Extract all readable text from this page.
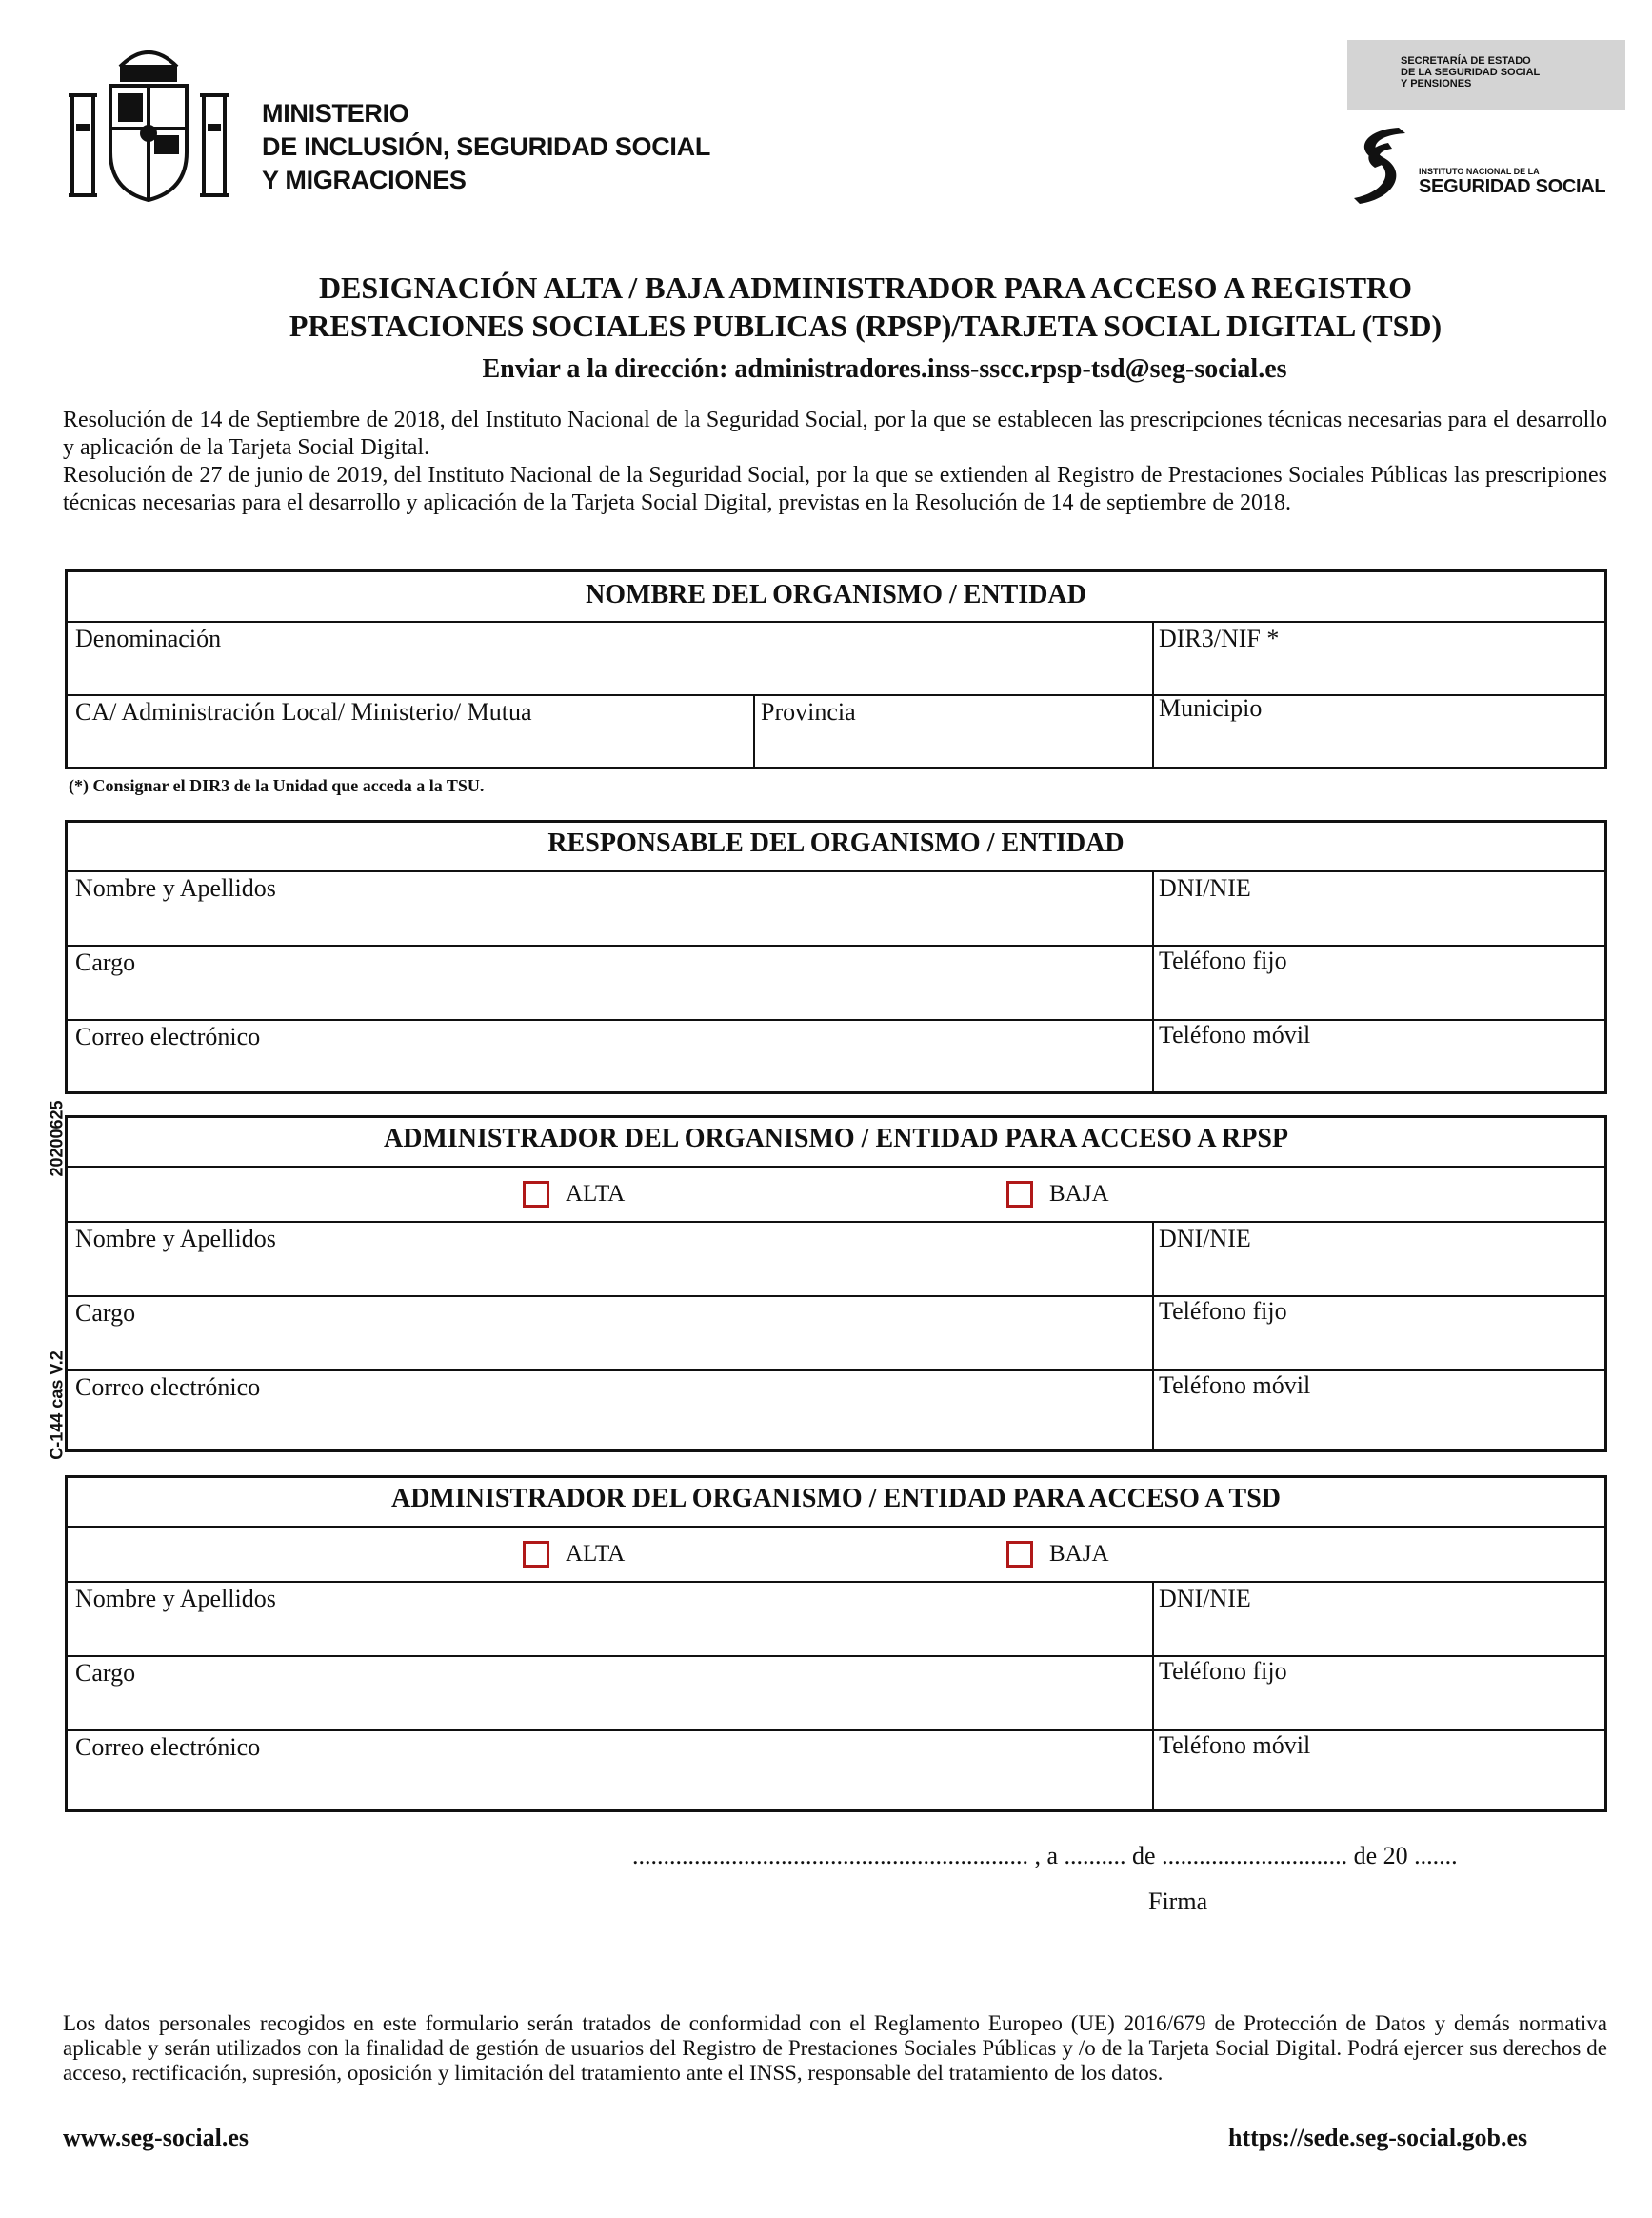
MINISTERIO
DE INCLUSIÓN, SEGURIDAD SOCIAL
Y MIGRACIONES
SECRETARÍA DE ESTADO
DE LA SEGURIDAD SOCIAL
Y PENSIONES
INSTITUTO NACIONAL DE LA
SEGURIDAD SOCIAL
DESIGNACIÓN ALTA / BAJA ADMINISTRADOR PARA ACCESO A REGISTRO
PRESTACIONES SOCIALES PUBLICAS (RPSP)/TARJETA SOCIAL DIGITAL (TSD)
Enviar a la dirección: administradores.inss-sscc.rpsp-tsd@seg-social.es

Resolución de 14 de Septiembre de 2018, del Instituto Nacional de la Seguridad Social, por la que se establecen las prescripciones técnicas necesarias para el desarrollo y aplicación de la Tarjeta Social Digital.

Resolución de 27 de junio de 2019, del Instituto Nacional de la Seguridad Social, por la que se extienden al Registro de Prestaciones Sociales Públicas las prescripiones técnicas necesarias para el desarrollo y aplicación de la Tarjeta Social Digital, previstas en la Resolución de 14 de septiembre de 2018.

NOMBRE DEL ORGANISMO / ENTIDAD
Denominación	DIR3/NIF *
CA/ Administración Local/ Ministerio/ Mutua	Provincia	Municipio
(*) Consignar el DIR3 de la Unidad que acceda a la TSU.
RESPONSABLE DEL ORGANISMO / ENTIDAD
Nombre y Apellidos	DNI/NIE
Cargo	Teléfono fijo
Correo electrónico	Teléfono móvil
ADMINISTRADOR DEL ORGANISMO / ENTIDAD PARA ACCESO A RPSP
ALTA	BAJA
Nombre y Apellidos	DNI/NIE
Cargo	Teléfono fijo
Correo electrónico	Teléfono móvil
ADMINISTRADOR DEL ORGANISMO / ENTIDAD PARA ACCESO A TSD
ALTA	BAJA
Nombre y Apellidos	DNI/NIE
Cargo	Teléfono fijo
Correo electrónico	Teléfono móvil
................................................................ , a .......... de .............................. de 20 .......
Firma
20200625
C-144 cas V.2
Los datos personales recogidos en este formulario serán tratados de conformidad con el Reglamento Europeo (UE) 2016/679 de Protección de Datos y demás normativa aplicable y serán utilizados con la finalidad de gestión de usuarios del Registro de Prestaciones Sociales Públicas y /o de la Tarjeta Social Digital. Podrá ejercer sus derechos de acceso, rectificación, supresión, oposición y limitación del tratamiento ante el INSS, responsable del tratamiento de los datos.
www.seg-social.es	https://sede.seg-social.gob.es
